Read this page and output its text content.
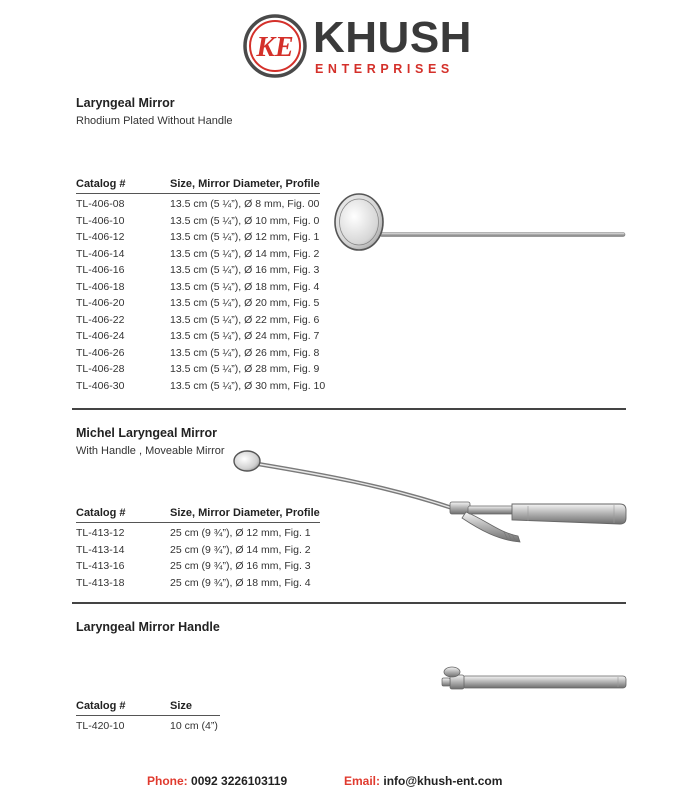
KE KHUSH
ENTERPRISES
Laryngeal Mirror
Rhodium Plated Without Handle
Catalog #	Size, Mirror Diameter, Profile
TL-406-08	13.5 cm (5 ¼”), Ø 8 mm, Fig. 00
TL-406-10	13.5 cm (5 ¼”), Ø 10 mm, Fig. 0
TL-406-12	13.5 cm (5 ¼”), Ø 12 mm, Fig. 1
TL-406-14	13.5 cm (5 ¼”), Ø 14 mm, Fig. 2
TL-406-16	13.5 cm (5 ¼”), Ø 16 mm, Fig. 3
TL-406-18	13.5 cm (5 ¼”), Ø 18 mm, Fig. 4
TL-406-20	13.5 cm (5 ¼”), Ø 20 mm, Fig. 5
TL-406-22	13.5 cm (5 ¼”), Ø 22 mm, Fig. 6
TL-406-24	13.5 cm (5 ¼”), Ø 24 mm, Fig. 7
TL-406-26	13.5 cm (5 ¼”), Ø 26 mm, Fig. 8
TL-406-28	13.5 cm (5 ¼”), Ø 28 mm, Fig. 9
TL-406-30	13.5 cm (5 ¼”), Ø 30 mm, Fig. 10
Michel Laryngeal Mirror
With Handle , Moveable Mirror
Catalog #	Size, Mirror Diameter, Profile
TL-413-12	25 cm (9 ¾”), Ø 12 mm, Fig. 1
TL-413-14	25 cm (9 ¾”), Ø 14 mm, Fig. 2
TL-413-16	25 cm (9 ¾”), Ø 16 mm, Fig. 3
TL-413-18	25 cm (9 ¾”), Ø 18 mm, Fig. 4
Laryngeal Mirror Handle
Catalog #	Size
TL-420-10	10 cm (4”)
Phone: 0092 3226103119	Email: info@khush-ent.com
